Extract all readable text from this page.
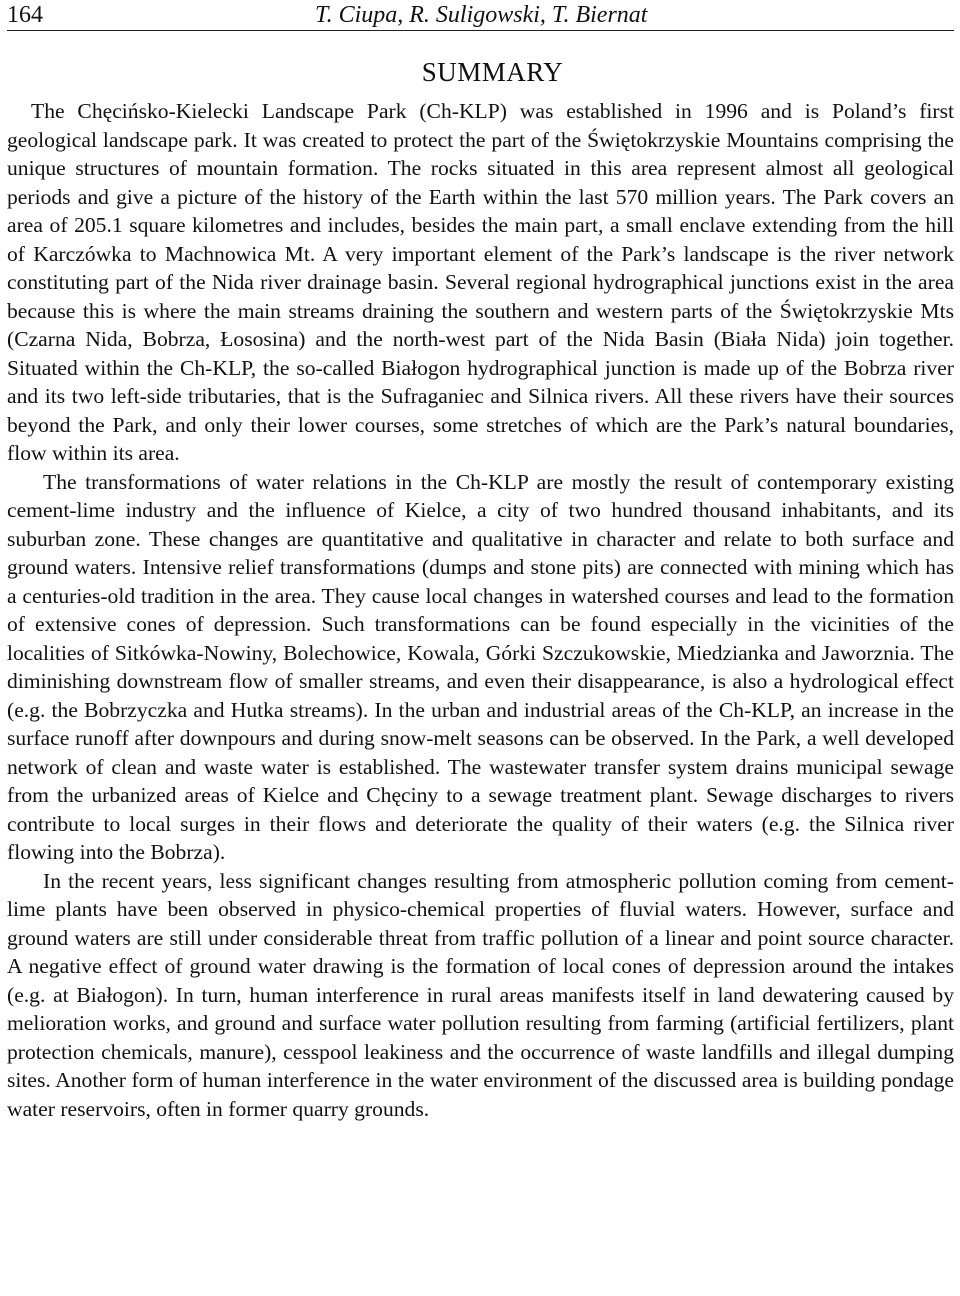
164	T. Ciupa, R. Suligowski, T. Biernat
SUMMARY

The Chęcińsko-Kielecki Landscape Park (Ch-KLP) was established in 1996 and is Poland’s first geological landscape park. It was created to protect the part of the Świętokrzyskie Mountains comprising the unique structures of mountain formation. The rocks situated in this area represent almost all geological periods and give a picture of the history of the Earth within the last 570 million years. The Park covers an area of 205.1 square kilometres and includes, besides the main part, a small enclave extending from the hill of Karczówka to Machnowica Mt. A very important element of the Park’s landscape is the river network constituting part of the Nida river drainage basin. Several regional hydrographical junctions exist in the area because this is where the main streams draining the southern and western parts of the Świętokrzyskie Mts (Czarna Nida, Bobrza, Łososina) and the north-west part of the Nida Basin (Biała Nida) join together. Situated within the Ch-KLP, the so-called Białogon hydrographical junction is made up of the Bobrza river and its two left-side tributaries, that is the Sufraganiec and Silnica rivers. All these rivers have their sources beyond the Park, and only their lower courses, some stretches of which are the Park’s natural boundaries, flow within its area.

The transformations of water relations in the Ch-KLP are mostly the result of contemporary existing cement-lime industry and the influence of Kielce, a city of two hundred thousand inhabitants, and its suburban zone. These changes are quantitative and qualitative in character and relate to both surface and ground waters. Intensive relief transformations (dumps and stone pits) are connected with mining which has a centuries-old tradition in the area. They cause local changes in watershed courses and lead to the formation of extensive cones of depression. Such transformations can be found especially in the vicinities of the localities of Sitkówka-Nowiny, Bolechowice, Kowala, Górki Szczukowskie, Miedzianka and Jaworznia. The diminishing downstream flow of smaller streams, and even their disappearance, is also a hydrological effect (e.g. the Bobrzyczka and Hutka streams). In the urban and industrial areas of the Ch-KLP, an increase in the surface runoff after downpours and during snow-melt seasons can be observed. In the Park, a well developed network of clean and waste water is established. The wastewater transfer system drains municipal sewage from the urbanized areas of Kielce and Chęciny to a sewage treatment plant. Sewage discharges to rivers contribute to local surges in their flows and deteriorate the quality of their waters (e.g. the Silnica river flowing into the Bobrza).

In the recent years, less significant changes resulting from atmospheric pollution coming from cement-lime plants have been observed in physico-chemical properties of fluvial waters. However, surface and ground waters are still under considerable threat from traffic pollution of a linear and point source character. A negative effect of ground water drawing is the formation of local cones of depression around the intakes (e.g. at Białogon). In turn, human interference in rural areas manifests itself in land dewatering caused by melioration works, and ground and surface water pollution resulting from farming (artificial fertilizers, plant protection chemicals, manure), cesspool leakiness and the occurrence of waste landfills and illegal dumping sites. Another form of human interference in the water environment of the discussed area is building pondage water reservoirs, often in former quarry grounds.
